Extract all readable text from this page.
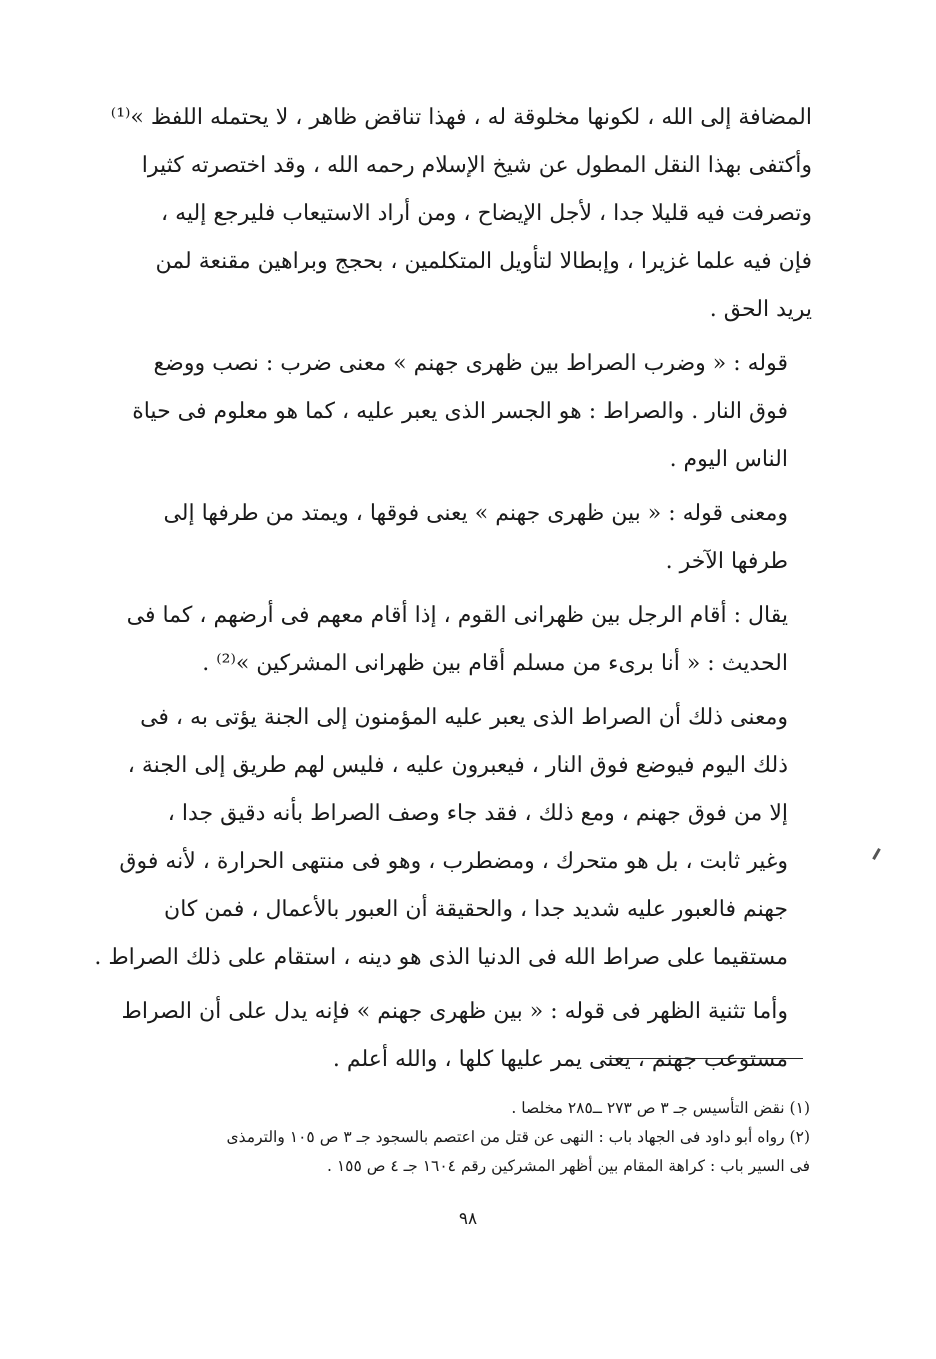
المضافة إلى الله ، لكونها مخلوقة له ، فهذا تناقض ظاهر ، لا يحتمله اللفظ »⁽¹⁾
وأكتفى بهذا النقل المطول عن شيخ الإسلام رحمه الله ، وقد اختصرته كثيرا
وتصرفت فيه قليلا جدا ، لأجل الإيضاح ، ومن أراد الاستيعاب فليرجع إليه ،
فإن فيه علما غزيرا ، وإبطالا لتأويل المتكلمين ، بحجج وبراهين مقنعة لمن
يريد الحق .
قوله : « وضرب الصراط بين ظهرى جهنم » معنى ضرب : نصب ووضع
فوق النار . والصراط : هو الجسر الذى يعبر عليه ، كما هو معلوم فى حياة
الناس اليوم .
ومعنى قوله : « بين ظهرى جهنم » يعنى فوقها ، ويمتد من طرفها إلى
طرفها الآخر .
يقال : أقام الرجل بين ظهرانى القوم ، إذا أقام معهم فى أرضهم ، كما فى
الحديث : « أنا برىء من مسلم أقام بين ظهرانى المشركين »⁽²⁾ .
ومعنى ذلك أن الصراط الذى يعبر عليه المؤمنون إلى الجنة يؤتى به ، فى
ذلك اليوم فيوضع فوق النار ، فيعبرون عليه ، فليس لهم طريق إلى الجنة ،
إلا من فوق جهنم ، ومع ذلك ، فقد جاء وصف الصراط بأنه دقيق جدا ،
وغير ثابت ، بل هو متحرك ، ومضطرب ، وهو فى منتهى الحرارة ، لأنه فوق
جهنم فالعبور عليه شديد جدا ، والحقيقة أن العبور بالأعمال ، فمن كان
مستقيما على صراط الله فى الدنيا الذى هو دينه ، استقام على ذلك الصراط .
وأما تثنية الظهر فى قوله : « بين ظهرى جهنم » فإنه يدل على أن الصراط
مستوعب جهنم ، يعنى يمر عليها كلها ، والله أعلم .
(١) نقض التأسيس جـ ٣ ص ٢٧٣ ــ٢٨٥ مخلصا .
(٢) رواه أبو داود فى الجهاد باب : النهى عن قتل من اعتصم بالسجود جـ ٣ ص ١٠٥ والترمذى
فى السير باب : كراهة المقام بين أظهر المشركين رقم ١٦٠٤ جـ ٤ ص ١٥٥ .
٩٨
